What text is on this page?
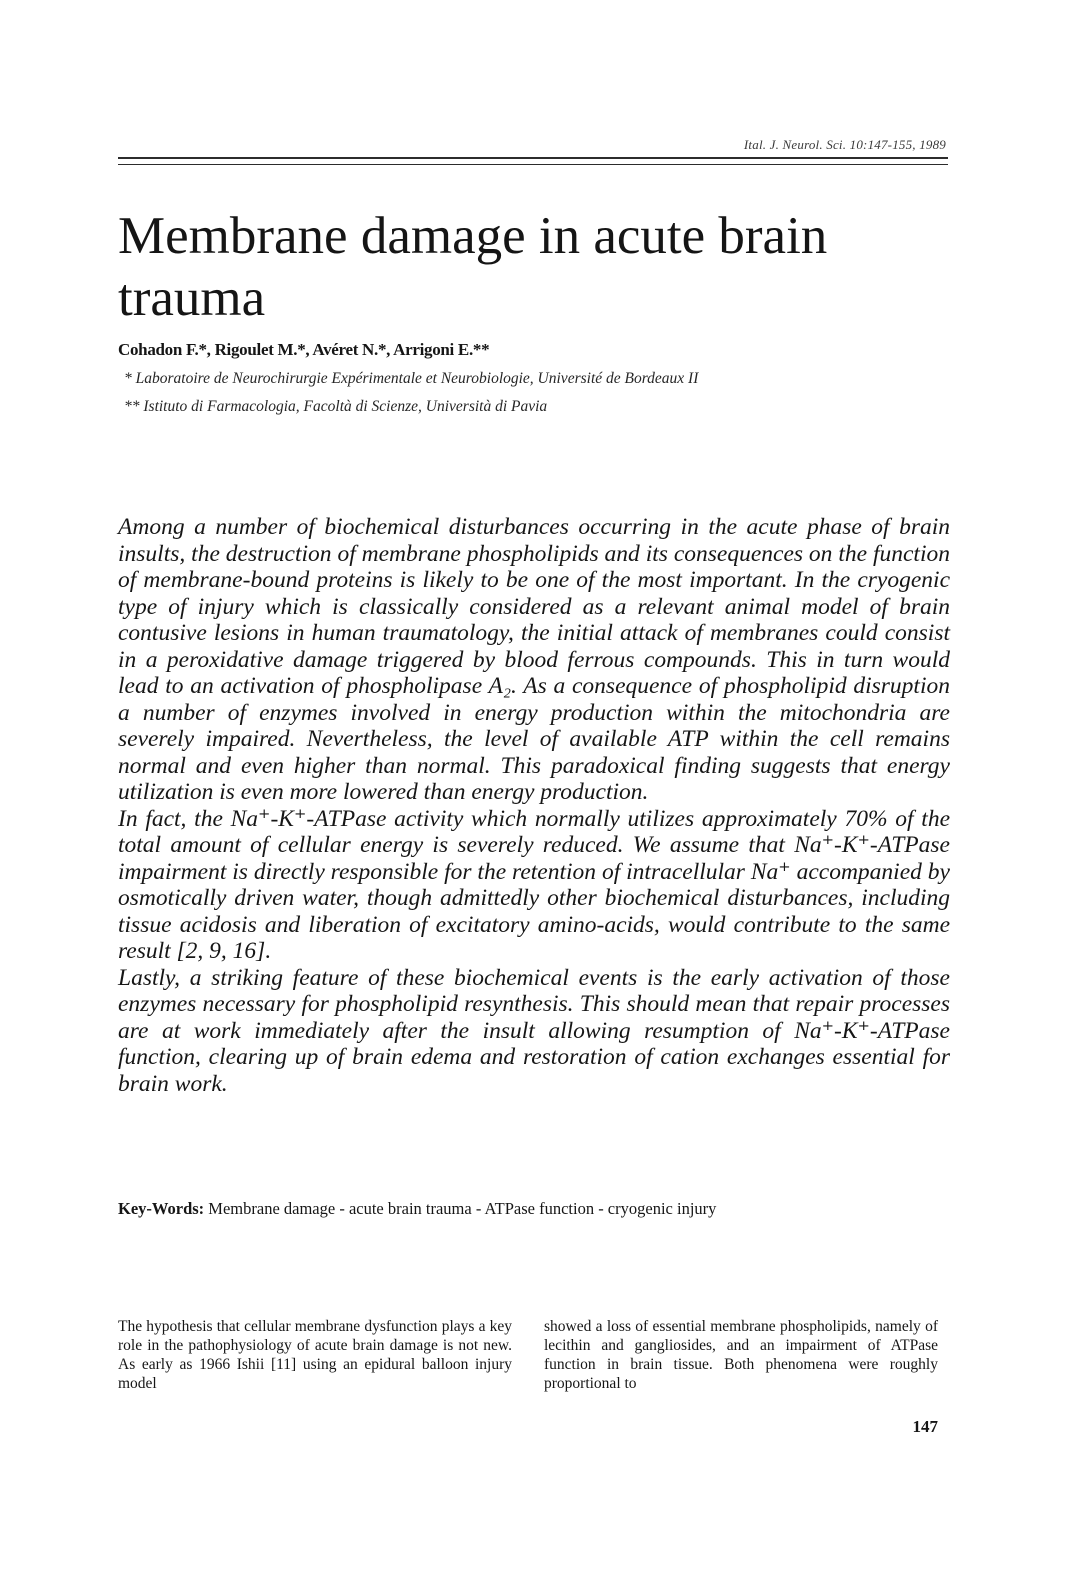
Ital. J. Neurol. Sci. 10:147-155, 1989
Membrane damage in acute brain trauma
Cohadon F.*, Rigoulet M.*, Avéret N.*, Arrigoni E.**
* Laboratoire de Neurochirurgie Expérimentale et Neurobiologie, Université de Bordeaux II
** Istituto di Farmacologia, Facoltà di Scienze, Università di Pavia

Among a number of biochemical disturbances occurring in the acute phase of brain insults, the destruction of membrane phospholipids and its consequences on the function of membrane-bound proteins is likely to be one of the most important. In the cryogenic type of injury which is classically considered as a relevant animal model of brain contusive lesions in human traumatology, the initial attack of membranes could consist in a peroxidative damage triggered by blood ferrous compounds. This in turn would lead to an activation of phospholipase A₂. As a consequence of phospholipid disruption a number of enzymes involved in energy production within the mitochondria are severely impaired. Nevertheless, the level of available ATP within the cell remains normal and even higher than normal. This paradoxical finding suggests that energy utilization is even more lowered than energy production.

In fact, the Na⁺-K⁺-ATPase activity which normally utilizes approximately 70% of the total amount of cellular energy is severely reduced. We assume that Na⁺-K⁺-ATPase impairment is directly responsible for the retention of intracellular Na⁺ accompanied by osmotically driven water, though admittedly other biochemical disturbances, including tissue acidosis and liberation of excitatory amino-acids, would contribute to the same result [2, 9, 16].

Lastly, a striking feature of these biochemical events is the early activation of those enzymes necessary for phospholipid resynthesis. This should mean that repair processes are at work immediately after the insult allowing resumption of Na⁺-K⁺-ATPase function, clearing up of brain edema and restoration of cation exchanges essential for brain work.

Key-Words: Membrane damage - acute brain trauma - ATPase function - cryogenic injury

The hypothesis that cellular membrane dysfunction plays a key role in the pathophysiology of acute brain damage is not new. As early as 1966 Ishii [11] using an epidural balloon injury model

showed a loss of essential membrane phospholipids, namely of lecithin and gangliosides, and an impairment of ATPase function in brain tissue. Both phenomena were roughly proportional to

147
